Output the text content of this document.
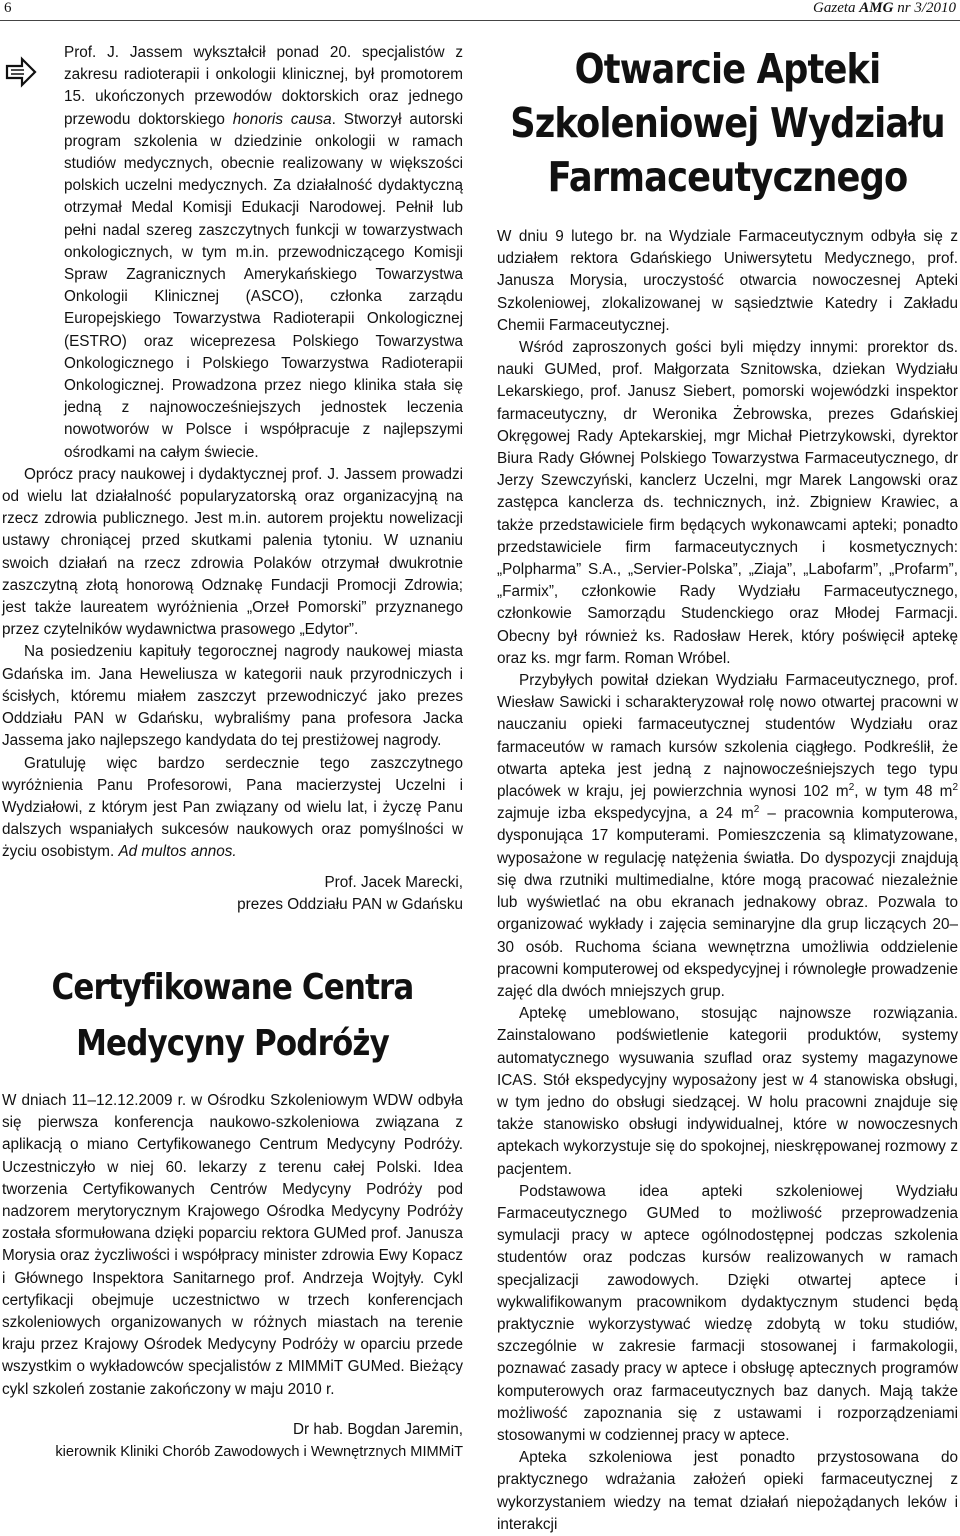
6	Gazeta AMG nr 3/2010

Prof. J. Jassem wykształcił ponad 20. specjalistów z zakresu radioterapii i onkologii klinicznej, był promotorem 15. ukończonych przewodów doktorskich oraz jednego przewodu doktorskiego honoris causa. Stworzył autorski program szkolenia w dziedzinie onkologii w ramach studiów medycznych, obecnie realizowany w większości polskich uczelni medycznych. Za działalność dydaktyczną otrzymał Medal Komisji Edukacji Narodowej. Pełnił lub pełni nadal szereg zaszczytnych funkcji w towarzystwach onkologicznych, w tym m.in. przewodniczącego Komisji Spraw Zagranicznych Amerykańskiego Towarzystwa Onkologii Klinicznej (ASCO), członka zarządu Europejskiego Towarzystwa Radioterapii Onkologicznej (ESTRO) oraz wiceprezesa Polskiego Towarzystwa Onkologicznego i Polskiego Towarzystwa Radioterapii Onkologicznej. Prowadzona przez niego klinika stała się jedną z najnowocześniejszych jednostek leczenia nowotworów w Polsce i współpracuje z najlepszymi ośrodkami na całym świecie.

Oprócz pracy naukowej i dydaktycznej prof. J. Jassem prowadzi od wielu lat działalność popularyzatorską oraz organizacyjną na rzecz zdrowia publicznego. Jest m.in. autorem projektu nowelizacji ustawy chroniącej przed skutkami palenia tytoniu. W uznaniu swoich działań na rzecz zdrowia Polaków otrzymał dwukrotnie zaszczytną złotą honorową Odznakę Fundacji Promocji Zdrowia; jest także laureatem wyróżnienia „Orzeł Pomorski” przyznanego przez czytelników wydawnictwa prasowego „Edytor”.

Na posiedzeniu kapituły tegorocznej nagrody naukowej miasta Gdańska im. Jana Heweliusza w kategorii nauk przyrodniczych i ścisłych, któremu miałem zaszczyt przewodniczyć jako prezes Oddziału PAN w Gdańsku, wybraliśmy pana profesora Jacka Jassema jako najlepszego kandydata do tej prestiżowej nagrody.

Gratuluję więc bardzo serdecznie tego zaszczytnego wyróżnienia Panu Profesorowi, Pana macierzystej Uczelni i Wydziałowi, z którym jest Pan związany od wielu lat, i życzę Panu dalszych wspaniałych sukcesów naukowych oraz pomyślności w życiu osobistym. Ad multos annos.

Prof. Jacek Marecki,

prezes Oddziału PAN w Gdańsku

Certyfikowane Centra Medycyny Podróży

W dniach 11–12.12.2009 r. w Ośrodku Szkoleniowym WDW odbyła się pierwsza konferencja naukowo-szkoleniowa związana z aplikacją o miano Certyfikowanego Centrum Medycyny Podróży. Uczestniczyło w niej 60. lekarzy z terenu całej Polski. Idea tworzenia Certyfikowanych Centrów Medycyny Podróży pod nadzorem merytorycznym Krajowego Ośrodka Medycyny Podróży została sformułowana dzięki poparciu rektora GUMed prof. Janusza Morysia oraz życzliwości i współpracy minister zdrowia Ewy Kopacz i Głównego Inspektora Sanitarnego prof. Andrzeja Wojtyły. Cykl certyfikacji obejmuje uczestnictwo w trzech konferencjach szkoleniowych organizowanych w różnych miastach na terenie kraju przez Krajowy Ośrodek Medycyny Podróży w oparciu przede wszystkim o wykładowców specjalistów z MIMMiT GUMed. Bieżący cykl szkoleń zostanie zakończony w maju 2010 r.

Dr hab. Bogdan Jaremin,

kierownik Kliniki Chorób Zawodowych i Wewnętrznych MIMMiT

Otwarcie Apteki Szkoleniowej Wydziału Farmaceutycznego

W dniu 9 lutego br. na Wydziale Farmaceutycznym odbyła się z udziałem rektora Gdańskiego Uniwersytetu Medycznego, prof. Janusza Morysia, uroczystość otwarcia nowoczesnej Apteki Szkoleniowej, zlokalizowanej w sąsiedztwie Katedry i Zakładu Chemii Farmaceutycznej.

Wśród zaproszonych gości byli między innymi: prorektor ds. nauki GUMed, prof. Małgorzata Sznitowska, dziekan Wydziału Lekarskiego, prof. Janusz Siebert, pomorski wojewódzki inspektor farmaceutyczny, dr Weronika Żebrowska, prezes Gdańskiej Okręgowej Rady Aptekarskiej, mgr Michał Pietrzykowski, dyrektor Biura Rady Głównej Polskiego Towarzystwa Farmaceutycznego, dr Jerzy Szewczyński, kanclerz Uczelni, mgr Marek Langowski oraz zastępca kanclerza ds. technicznych, inż. Zbigniew Krawiec, a także przedstawiciele firm będących wykonawcami apteki; ponadto przedstawiciele firm farmaceutycznych i kosmetycznych: „Polpharma” S.A., „Servier-Polska”, „Ziaja”, „Labofarm”, „Profarm”, „Farmix”, członkowie Rady Wydziału Farmaceutycznego, członkowie Samorządu Studenckiego oraz Młodej Farmacji. Obecny był również ks. Radosław Herek, który poświęcił aptekę oraz ks. mgr farm. Roman Wróbel.

Przybyłych powitał dziekan Wydziału Farmaceutycznego, prof. Wiesław Sawicki i scharakteryzował rolę nowo otwartej pracowni w nauczaniu opieki farmaceutycznej studentów Wydziału oraz farmaceutów w ramach kursów szkolenia ciągłego. Podkreślił, że otwarta apteka jest jedną z najnowocześniejszych tego typu placówek w kraju, jej powierzchnia wynosi 102 $m^2$, w tym 48 $m^2$ zajmuje izba ekspedycyjna, a 24 $m^2$ – pracownia komputerowa, dysponująca 17 komputerami. Pomieszczenia są klimatyzowane, wyposażone w regulację natężenia światła. Do dyspozycji znajdują się dwa rzutniki multimedialne, które mogą pracować niezależnie lub wyświetlać na obu ekranach jednakowy obraz. Pozwala to organizować wykłady i zajęcia seminaryjne dla grup liczących 20–30 osób. Ruchoma ściana wewnętrzna umożliwia oddzielenie pracowni komputerowej od ekspedycyjnej i równoległe prowadzenie zajęć dla dwóch mniejszych grup.

Aptekę umeblowano, stosując najnowsze rozwiązania. Zainstalowano podświetlenie kategorii produktów, systemy automatycznego wysuwania szuflad oraz systemy magazynowe ICAS. Stół ekspedycyjny wyposażony jest w 4 stanowiska obsługi, w tym jedno do obsługi siedzącej. W holu pracowni znajduje się także stanowisko obsługi indywidualnej, które w nowoczesnych aptekach wykorzystuje się do spokojnej, nieskrępowanej rozmowy z pacjentem.

Podstawowa idea apteki szkoleniowej Wydziału Farmaceutycznego GUMed to możliwość przeprowadzenia symulacji pracy w aptece ogólnodostępnej podczas szkolenia studentów oraz podczas kursów realizowanych w ramach specjalizacji zawodowych. Dzięki otwartej aptece i wykwalifikowanym pracownikom dydaktycznym studenci będą praktycznie wykorzystywać wiedzę zdobytą w toku studiów, szczególnie w zakresie farmacji stosowanej i farmakologii, poznawać zasady pracy w aptece i obsługę aptecznych programów komputerowych oraz farmaceutycznych baz danych. Mają także możliwość zapoznania się z ustawami i rozporządzeniami stosowanymi w codziennej pracy w aptece.

Apteka szkoleniowa jest ponadto przystosowana do praktycznego wdrażania założeń opieki farmaceutycznej z wykorzystaniem wiedzy na temat działań niepożądanych leków i interakcji
